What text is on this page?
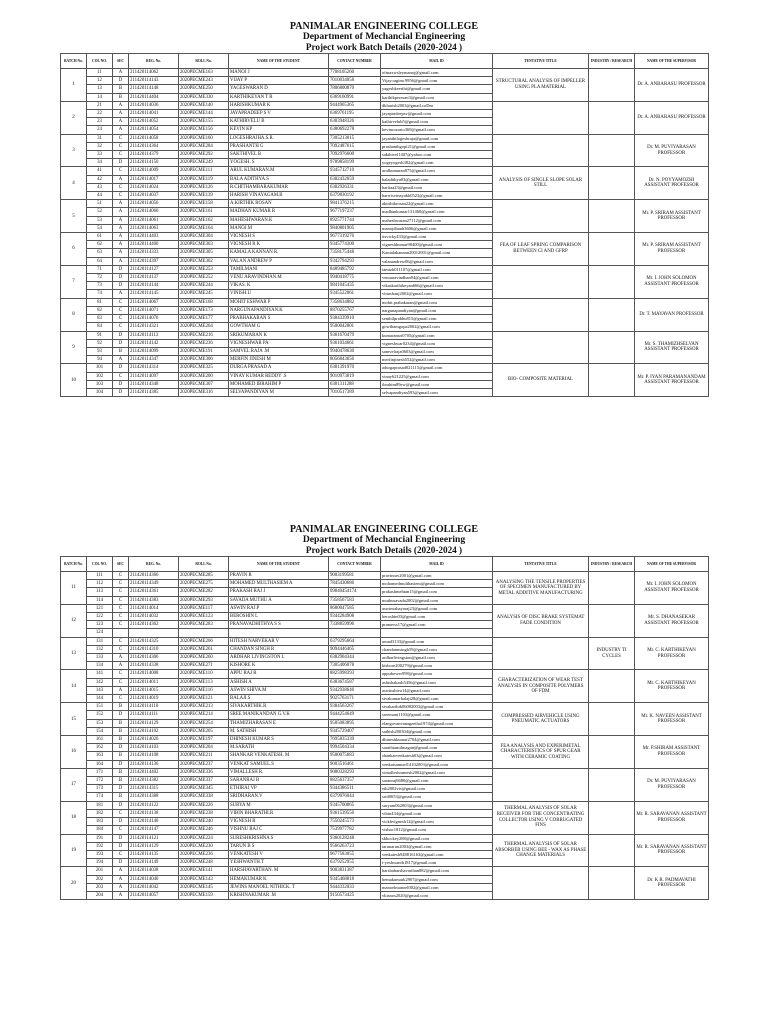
PANIMALAR ENGINEERING COLLEGE
Department of Mechancial Engineering
Project work Batch Details (2020-2024 )
BATCH No.	COL NO.	SEC	REG. No.	ROLL No.	NAME OF THE STUDENT	CONTACT NUMBER	MAIL ID	TENTATIVE TITLE	INDUSTRY / RESEARCH	NAME OF THE SUPERVISOR
1	11	A	211420114062	2020PECME163	MANOJ J	7708105260	ofmaxwsleymanoj@gmail.com	STRUCTURAL ANALYSIS OF IMPELLER USING PLA MATERIAL		Dr. A. ANBARASU PROFESSOR
	12	D	211420114143	2020PECME243	VIJAY P	7010034058	Vijay.ragina.9956@gmail.com			
	13	B	211420114148	2020PECME250	YAGESWARAN D	7806800870	yageshkeerthi@gmail.com			
	14	B	211420114404	2020PECME330	KARTHIKEYAN T R	6369160991	karthikperesan3@gmail.com			
2	21	A	211420114036	2020PECME140	HARISHKUMAR K	9444965365	dkharish2003@gmail.coDm			Dr. A. ANBARASU PROFESSOR
	22	A	211420114041	2020PECME144	JAYAPRADEEP S V	6369761195	jayapradeepsv@gmail.com			
	23	A	211420114052	2020PECME155	KATHIRVELU B	6383948326	kathirvelub5@gmail.com			
	24	A	211420114054	2020PECME156	KEVIN KP	6380692278	kevinrozario369@gmail.com			
3	31	C	211420114058	2020PECME160	LOGESHRAJHA.S.R.	7305213015	jayanthilogeshraja@gmail.com			Dr. M. PUVIYARASAN PROFESSOR
	32	C	211420114364	2020PECME284	PRASHANTH G	7092487615	prashanthgopi21@gmail.com			
	33	C	211420114379	2020PECME292	SAKTHIVEL B	7092976600	sakthivel1407@yahoo.com			
	34	D	211420114150	2020PECME249	YOGESH. S	9789858199	yogeyogesh382@gmail.com			
4	41	C	211420114009	2020PECME111	ARUL KUMARAN.M	9345712710	arulkumaran875@gmail.com	ANALYSIS OF SINGLE SLOPE SOLAR STILL		Dr. N. POYYAMOZHI ASSISTANT PROFESSOR
	42	A	211420114017	2020PECME119	BALA ADITHYA.S	6382432659	baladithya03@gmail.com			
	43	C	211420114024	2020PECME126	R.CHITHAMBARAKUMAR	6382926331	hariiaa23@gmail.com			
	44	C	211420114037	2020PECME139	HARISH VINAYAGAM.B	6379830192	harrrisvinayakh0523@gmail.com			
5	51	A	211420114056	2020PECME158	A.KIRTHIK ROSAN	9841376215	akirthikrosan22@gmail.com			Mr. P. SRIRAM ASSISTANT PROFESSOR
	52	A	211420114060	2020PECME161	MADHAN KUMAR R	9677197237	madhankumar131460@gmail.com			
	53	A	211420114061	2020PECME162	MAHESHWARAN.K	8925771744	maheshwaran27112@gmail.com			
	54	A	211420114063	2020PECME164	MANOJ.M	9840801905	manojdhanh3606@gmail.com			
6	61	A	211420114403	2020PECME304	VIGNESH S	9677319276	itsvicky433@gmail.com	FEA OF LEAF SPRING COMPARISON BETWEEN CI AND GFRP		Mr. P. SRIRAM ASSISTANT PROFESSOR
	62	A	211420114400	2020PECME303	VIGNESH R K	9345774300	vigneshkumar98400@gmail.com			
	63	A	211420114333	2020PECME305	KAMALA KANNAN R.	7358175448	Kamalakannan20012001@gmail.com			
	64	A	211420114397	2020PECME302	VALAN ANDREW P	9342794293	valanandrew06@gmail.com			
7	71	D	211420114127	2020PECME253	TAMILMANI	8489485792	tamizh011107@gmail.com			Mr. I. JOHN SOLOMON ASSISTANT PROFESSOR
	72	D	211420114137	2020PECME252	VENU ARAVINDHAN.M	9940418775	venuaravindhan94@gmail.com			
	73	D	211420114144	2020PECME244	VIKAS. K	9841045435	vikaskarthikeyan666@gmail.com			
	74	A	211420114145	2020PECME245	VINISH.U	9345522061	vinushanj2002@gmail.com			
8	81	C	211420114067	2020PECME168	MOHIT ESHWAR P	7358634882	mohit.prabakaran@gmail.com			Dr. T. MAYAVAN PROFESSOR
	82	C	211420114071	2020PECME173	NARGUNAPANDIYAN.K	8870255767	nargunapandiyan@gmail.com			
	83	C	211420114076	2020PECME177	PRABHAKARAN S	9384339910	senthilprabhu815@gmail.com			
	84	C	211420114321	2020PECME264	GOWTHAM G	9500042801	gowthamgopa2002@gmail.com			
9	91	D	211420114113	2020PECME216	SRIKUMARAN K	9361670479	kumaransri0705@gmail.com			Mr. S. THAMIZHSELVAN ASSISTANT PROFESSOR
	92	D	211420114142	2020PECME236	VIGNESHWAR PA	9361034661	vigneshwar0234@gmail.com			
	93	B	211420114099	2020PECME191	SAMVEL RAJA .M	9940478630	samvelraja0603@gmail.com			
	94	A	211420114347	2020PECME306	MERFIN JINESH M	8056843656	merfinjinesh552@gmail.com			
10	101	D	211420114314	2020PECME325	DURGA PRASAD A	6381391970	adurgaprasad021115@gmail.com	BIO- COMPOSITE MATERIAL		Mr. P. IYAN PARAMANANDAM ASSISTANT PROFESSOR
	102	C	211420114097	2020PECME200	VINAY KUMAR REDDY .S	9010973819	vinay621225@gmail.com			
	103	D	211420114348	2020PECME307	MOHAMED IBRAHIM P	6381311288	ibrahim89ew@gmail.com			
	104	D	211420114385	2020PECME316	SELVAPANDIYAN M	7010517389	selvapandiyan593@gmail.com			
PANIMALAR ENGINEERING COLLEGE
Department of Mechancial Engineering
Project work Batch Details (2020-2024 )
BATCH No.	COL NO.	SEC	REG. No.	ROLL No.	NAME OF THE STUDENT	CONTACT NUMBER	MAIL ID	TENTATIVE TITLE	INDUSTRY / RESEARCH	NAME OF THE SUPERVISOR
11	111	C	211420114366	2020PECME285	PRAVIN R	9003199581	pravinrav2001@gmail.com	ANALYSING THE TENSILE PROPERTIES OF SPECIMEN MANUFACTURED BY METAL ADDITIVE MANUFACTURING		Mr. I. JOHN SOLOMON ASSISTANT PROFESSOR
	112	C	211420114349	2020PECME275	MOHAMED MULTHASIEM A	7845430686	mohamedmulthasiem@gmail.com			
	113	C	211420114361	2020PECME282	PRAKASH RAJ J	09840454174	prakashmehtan15@gmail.com			
	114	C	211420114383	2020PECME293	SAVADA MUTHU A	7358567583	muthusavada2002@gmail.com			
12	121	C	211420114014	2020PECME117	ASWIN RAJ.P	8680047585	aswinsahayaraj23@gmail.com	ANALYSIS OF DISC BRAKE SYSTEMAT FADE CONDITION		Mr. S. DHANASEKAR ASSISTANT PROFESSOR
	122	C	211420114032	2020PECME123	BEROSHIN L	9344284908	beroshin03@gmail.com			
	123	C	211420114362	2020PECME283	PRANAVADHITHYA S S	7338859996	pranavss17@gmail.com			
	124									
13	131	C	211420114325	2020PECME266	HITESH NARVEKAR V	6379295664	umad3133@gmail.com		INDUSTRY TI CYCLES	Mr. C. KARTHIKEYAN PROFESSOR
	132	C	211420114310	2020PECME261	CHANDAN SINGH R	9094446465	chandannsingh59@gmail.com			
	133	A	211420114306	2020PECME260	ARDHAR LIVINGSTON L	6382904344	ardharlivingston@gmail.com			
	134	A	211420114338	2020PECME271	KISHORE K	7305406078	kishore200279@gmail.com			
14	141	C	211420114008	2020PECME110	APPU RAJ R	8825998393	appubower998@gmail.com	CHARACTERIZATION OF WEAR TEST ANALYSIS IN COMPOSITE POLYMERS OF FDM		Mr. C. KARTHIKEYAN PROFESSOR
	142	C	211420114011	2020PECME113	ASHISH A	6383674587	ashishakash5456@gmail.com			
	143	A	211420114015	2020PECME116	ASWIN SHIVA.M	9342938646	aswinshiva14@gmail.com			
	144	C	211420114019	2020PECME121	BALAJI.S	9025763171	sivakumarbalaji28@gmail.com			
15	151	B	211420114110	2020PECME213	SIVAKARTHIK.R	9384563267	sivakarthik06082003@gmail.com	COMPRESSED AIRVEHICLE USING PNEUMATIC ACTUATORS		Mr. K. NAVEEN ASSISTANT PROFESSOR
	152	D	211420114111	2020PECME214	SREE MANIKANDAN G.V.K	9444254649	sreemani1103@gmail.com			
	153	B	211420114129	2020PECME254	THAMIZHARASAN E	9585083895	elangovanvanageetha1974@gmail.com			
	154	B	211420114102	2020PECME205	M. SATHISH	9345729407	sathish200304@gmail.com			
16	161	B	211420114026	2020PECME197	DHINESH KUMAR S	7695835339	dhineshkumar2704@gmail.com	FEA ANALYSIS AND EXPERIMETAL CHARACTERISTICS OF SPUR GEAR WITH CERAMIC COATING		Mr. P.SHIRAM ASSISTANT PROFESSOR
	162	D	211420114103	2020PECME204	M.SARATH	9994504334	sarathtamilmagan@gmail.com			
	163	B	211420114108	2020PECME211	SHANKAR VENKATESH. M	9500075683	shankarvenkatesh03@gmail.com			
	164	D	211420114136	2020PECME237	VENKAT SAMUEL.S	9003516461	venkatsamuel14102003@gmail.com			
17	171	B	211420114402	2020PECME336	VIMALLESH R.	9080328293	vimalleshramesh2002@gmail.com			Dr. M. PUVIYARASAN PROFESSOR
	172	B	211420114382	2020PECME337	SARANRAJ B	8825637357	saranraj6680@gmail.com			
	173	D	211420114315	2020PECME345	ETHIRAJ VP	9344386511	eth2002vis@gmail.com			
	174	B	211420114388	2020PECME338	SRIDHARAN.V	6379976044	srid0653@gmail.com			
18	181	D	211420114122	2020PECME226	SURYA M	9345700865	suryam062003@gmail.com	THERMAL ANALYSIS OF SOLAR RECEIVER FOR THE CONCENTRATING COLLECTOR USING V CORRUGATED FINS		Mr. R. SARAVANAN ASSISTANT PROFESSOR
	182	C	211420114138	2020PECME238	VIBIN BHARATHI.R	9361539556	vibin434@gmail.com			
	183	D	211420114140	2020PECME240	VIGNESH R	7550245573	vickhvignesh12@gmail.com			
	184	C	211420114147	2020PECME246	VISHNU RAJ C	7539977782	vishnc1812@gmail.com			
19	191	D	211420114121	2020PECME224	SURESHKRISHNA S	9360128248	skhockey288@gmail.com	THERMAL ANALYSIS OF SOLAR ABSORBER USING BEE - WAX AS PHASE CHANGE MATERIALS		Mr. R. SARAVANAN ASSISTANT PROFESSOR
	192	D	211420114129	2020PECME230	TARUN B S	9566263723	tarunarun2003@gmail.com			
	193	C	211420114135	2020PECME236	VENKATESH V	9677583055	venkatesh948816163@gmail.com			
	194	D	211420114149	2020PECME248	YESHWANTH.T	6379252955	t-yeshwanth1817@gmail.com			
20	201	A	211420114038	2020PECME141	HARSHAVARTHAN. M	9003831387	harshaharshavarthan882@gmail.com			Dr. K R. PADMAVATHI PROFESSOR
	202	A	211420114040	2020PECME143	HEMAKUMAR K	9345468818	hemakumark2907@gmail.com			
	203	A	211420114042	2020PECME145	JEWINS MANOEL NITHICK. T	9444332033	manoelmanoel002@gmail.com			
	204	A	211420114057	2020PECME159	KRISHNAKUMAR .M	9150573425	vkisnos2020@gmail.com			
